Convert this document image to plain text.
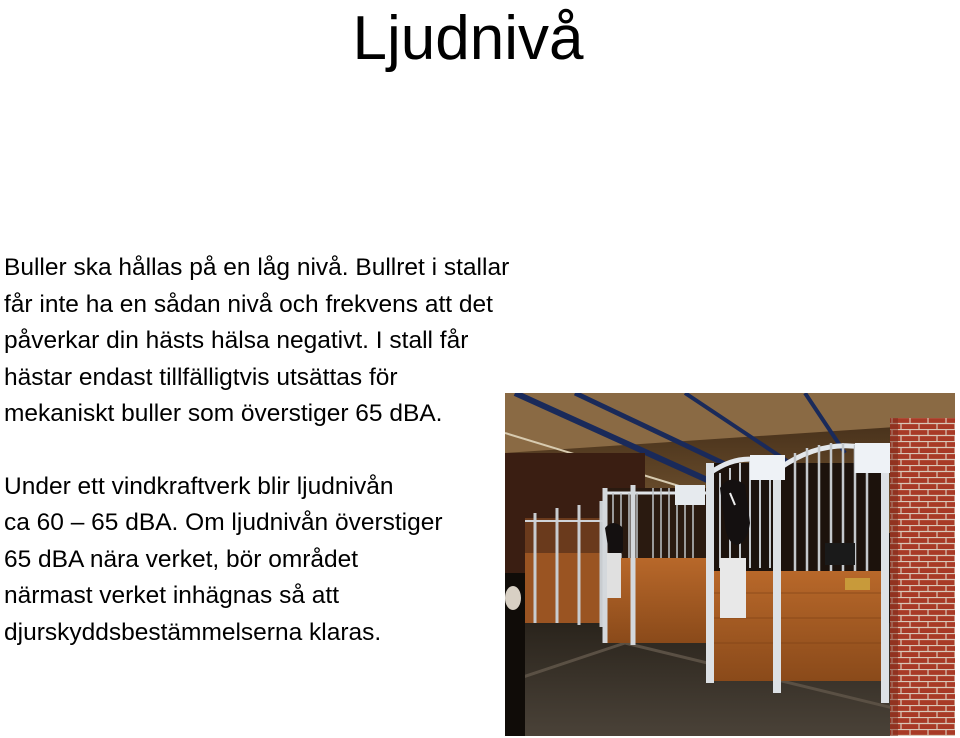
Ljudnivå

Buller ska hållas på en låg nivå. Bullret i stallar
får inte ha en sådan nivå och frekvens att det
påverkar din hästs hälsa negativt. I stall får
hästar endast tillfälligtvis utsättas för
mekaniskt buller som överstiger 65 dBA.

Under ett vindkraftverk blir ljudnivån
ca 60 – 65 dBA. Om ljudnivån överstiger
65 dBA nära verket, bör området
närmast verket inhägnas så att
djurskyddsbestämmelserna klaras.
